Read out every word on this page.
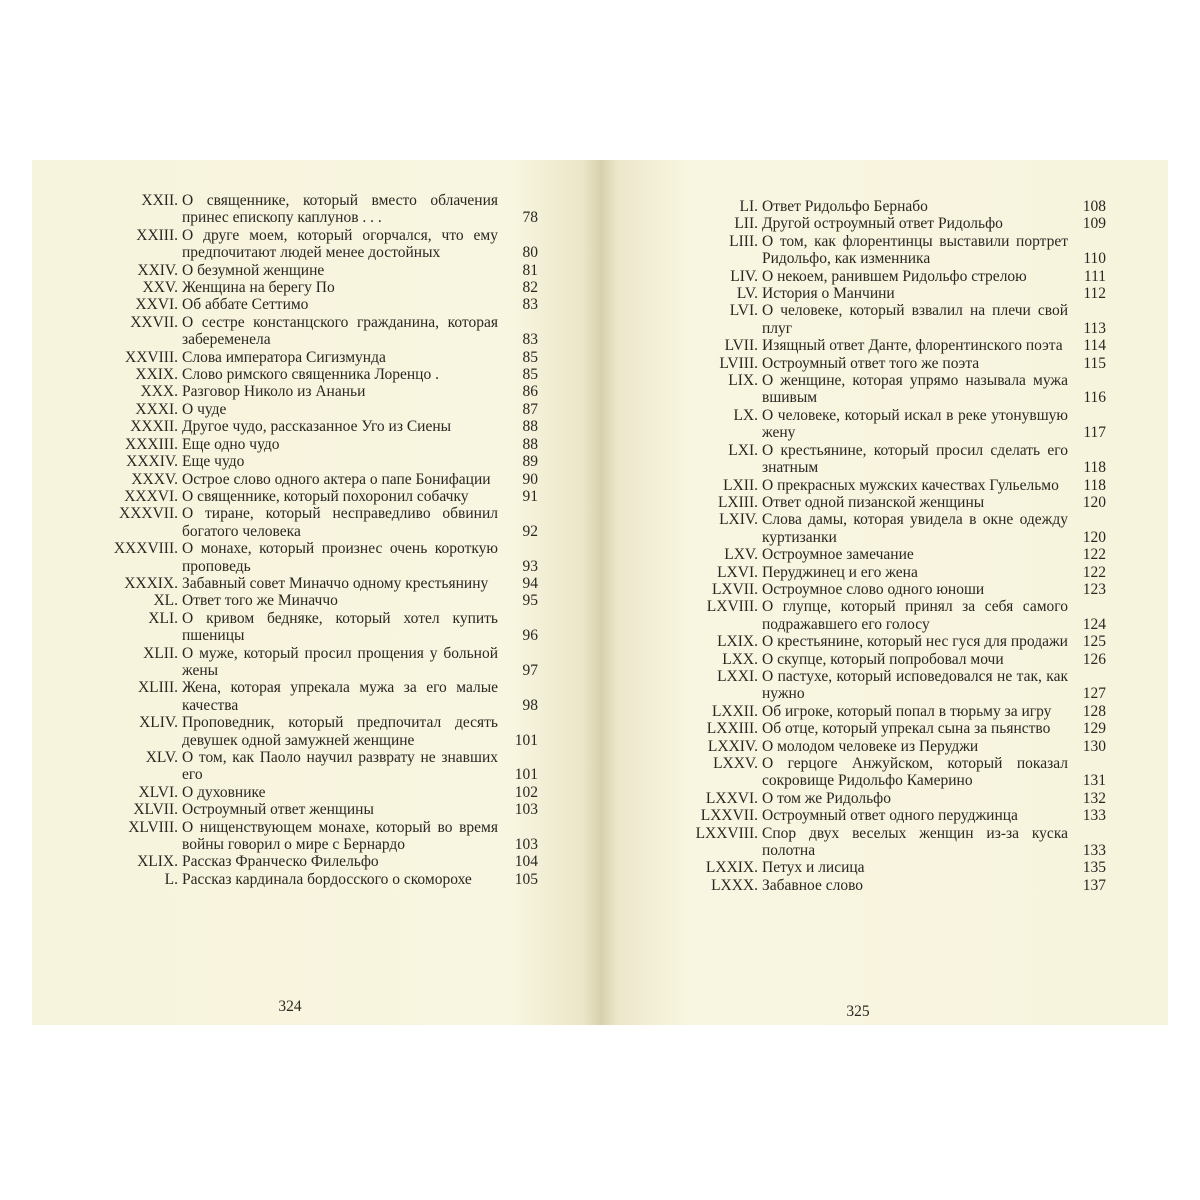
XXII. О священнике, который вместо облачения принес епископу каплунов . . .	78
XXIII. О друге моем, который огорчался, что ему предпочитают людей менее достойных	80
XXIV. О безумной женщине	81
XXV. Женщина на берегу По	82
XXVI. Об аббате Сеттимо	83
XXVII. О сестре констанцского гражданина, которая забеременела	83
XXVIII. Слова императора Сигизмунда	85
XXIX. Слово римского священника Лоренцо .	85
XXX. Разговор Николо из Ананьи	86
XXXI. О чуде	87
XXXII. Другое чудо, рассказанное Уго из Сиены	88
XXXIII. Еще одно чудо	88
XXXIV. Еще чудо	89
XXXV. Острое слово одного актера о папе Бонифации	90
XXXVI. О священнике, который похоронил собачку	91
XXXVII. О тиране, который несправедливо обвинил богатого человека	92
XXXVIII. О монахе, который произнес очень короткую проповедь	93
XXXIX. Забавный совет Миначчо одному крестьянину	94
XL. Ответ того же Миначчо	95
XLI. О кривом бедняке, который хотел купить пшеницы	96
XLII. О муже, который просил прощения у больной жены	97
XLIII. Жена, которая упрекала мужа за его малые качества	98
XLIV. Проповедник, который предпочитал десять девушек одной замужней женщине	101
XLV. О том, как Паоло научил разврату не знавших его	101
XLVI. О духовнике	102
XLVII. Остроумный ответ женщины	103
XLVIII. О нищенствующем монахе, который во время войны говорил о мире с Бернардо	103
XLIX. Рассказ Франческо Филельфо	104
L. Рассказ кардинала бордосского о скоморохе	105
324
LI. Ответ Ридольфо Бернабо	108
LII. Другой остроумный ответ Ридольфо	109
LIII. О том, как флорентинцы выставили портрет Ридольфо, как изменника	110
LIV. О некоем, ранившем Ридольфо стрелою	111
LV. История о Манчини	112
LVI. О человеке, который взвалил на плечи свой плуг	113
LVII. Изящный ответ Данте, флорентинского поэта	114
LVIII. Остроумный ответ того же поэта	115
LIX. О женщине, которая упрямо называла мужа вшивым	116
LX. О человеке, который искал в реке утонувшую жену	117
LXI. О крестьянине, который просил сделать его знатным	118
LXII. О прекрасных мужских качествах Гульельмо	118
LXIII. Ответ одной пизанской женщины	120
LXIV. Слова дамы, которая увидела в окне одежду куртизанки	120
LXV. Остроумное замечание	122
LXVI. Перуджинец и его жена	122
LXVII. Остроумное слово одного юноши	123
LXVIII. О глупце, который принял за себя самого подражавшего его голосу	124
LXIX. О крестьянине, который нес гуся для продажи 125
LXX. О скупце, который попробовал мочи	126
LXXI. О пастухе, который исповедовался не так, как нужно	127
LXXII. Об игроке, который попал в тюрьму за игру	128
LXXIII. Об отце, который упрекал сына за пьянство	129
LXXIV. О молодом человеке из Перуджи	130
LXXV. О герцоге Анжуйском, который показал сокровище Ридольфо Камерино	131
LXXVI. О том же Ридольфо	132
LXXVII. Остроумный ответ одного перуджинца	133
LXXVIII. Спор двух веселых женщин из-за куска полотна	133
LXXIX. Петух и лисица	135
LXXX. Забавное слово	137
325
